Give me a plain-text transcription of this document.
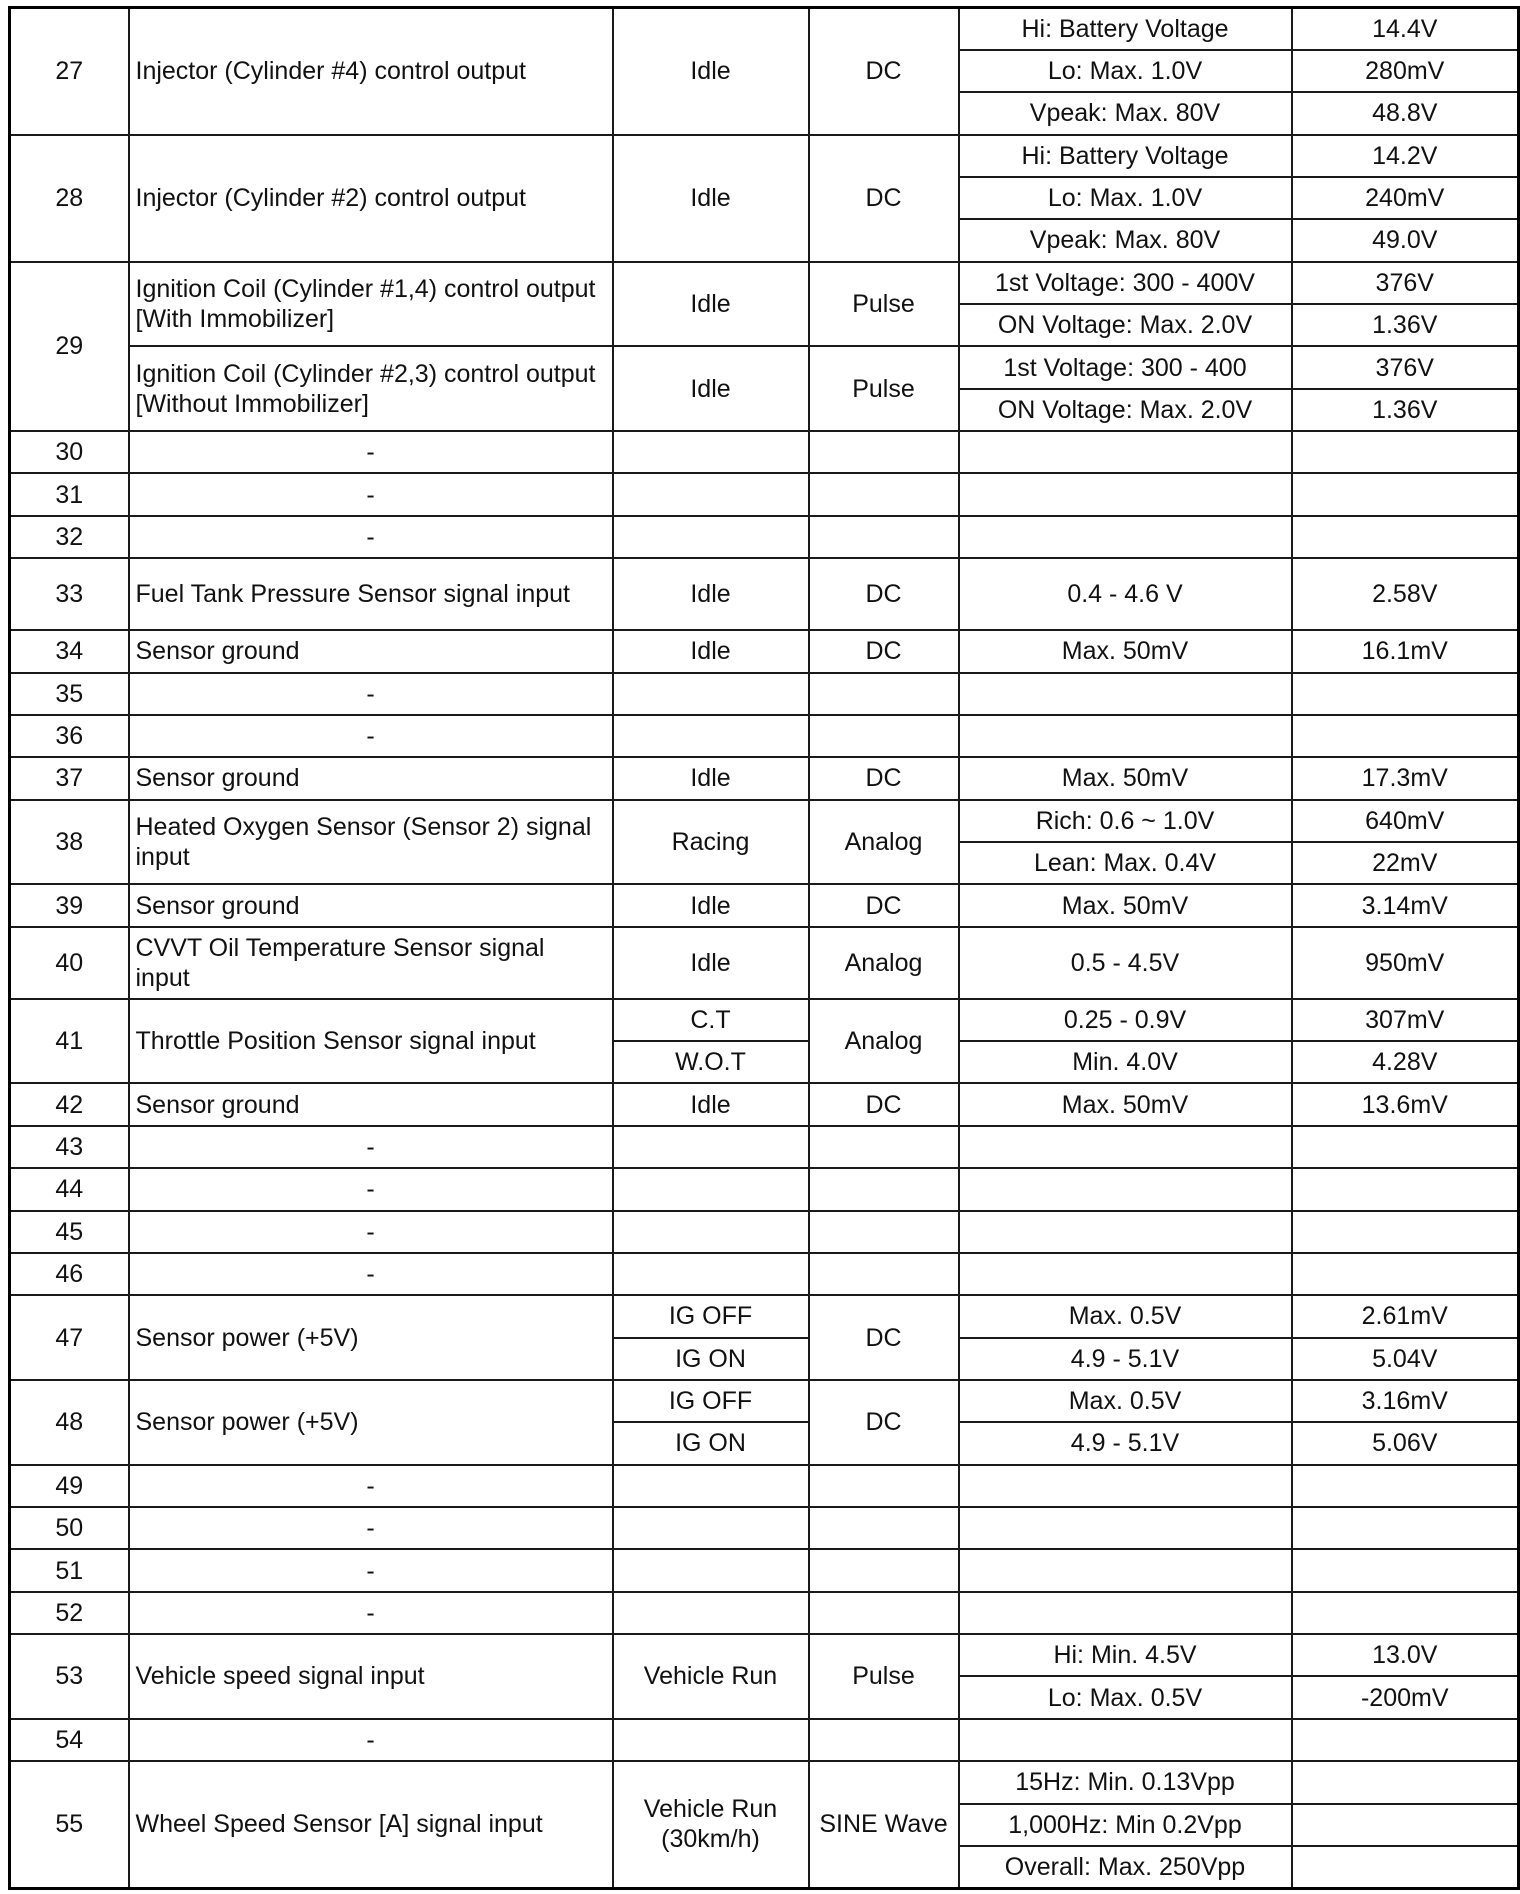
27	Injector (Cylinder #4) control output	Idle	DC	Hi: Battery Voltage	14.4V
				Lo: Max. 1.0V	280mV
				Vpeak: Max. 80V	48.8V
28	Injector (Cylinder #2) control output	Idle	DC	Hi: Battery Voltage	14.2V
				Lo: Max. 1.0V	240mV
				Vpeak: Max. 80V	49.0V
29	Ignition Coil (Cylinder #1,4) control output [With Immobilizer]	Idle	Pulse	1st Voltage: 300 - 400V	376V
				ON Voltage: Max. 2.0V	1.36V
	Ignition Coil (Cylinder #2,3) control output [Without Immobilizer]	Idle	Pulse	1st Voltage: 300 - 400	376V
				ON Voltage: Max. 2.0V	1.36V
30	-				
31	-				
32	-				
33	Fuel Tank Pressure Sensor signal input	Idle	DC	0.4 - 4.6 V	2.58V
34	Sensor ground	Idle	DC	Max. 50mV	16.1mV
35	-				
36	-				
37	Sensor ground	Idle	DC	Max. 50mV	17.3mV
38	Heated Oxygen Sensor (Sensor 2) signal input	Racing	Analog	Rich: 0.6 ~ 1.0V	640mV
				Lean: Max. 0.4V	22mV
39	Sensor ground	Idle	DC	Max. 50mV	3.14mV
40	CVVT Oil Temperature Sensor signal input	Idle	Analog	0.5 - 4.5V	950mV
41	Throttle Position Sensor signal input	C.T	Analog	0.25 - 0.9V	307mV
		W.O.T		Min. 4.0V	4.28V
42	Sensor ground	Idle	DC	Max. 50mV	13.6mV
43	-				
44	-				
45	-				
46	-				
47	Sensor power (+5V)	IG OFF	DC	Max. 0.5V	2.61mV
		IG ON		4.9 - 5.1V	5.04V
48	Sensor power (+5V)	IG OFF	DC	Max. 0.5V	3.16mV
		IG ON		4.9 - 5.1V	5.06V
49	-				
50	-				
51	-				
52	-				
53	Vehicle speed signal input	Vehicle Run	Pulse	Hi: Min. 4.5V	13.0V
				Lo: Max. 0.5V	-200mV
54	-				
55	Wheel Speed Sensor [A] signal input	Vehicle Run (30km/h)	SINE Wave	15Hz: Min. 0.13Vpp	
				1,000Hz: Min 0.2Vpp	
				Overall: Max. 250Vpp	
